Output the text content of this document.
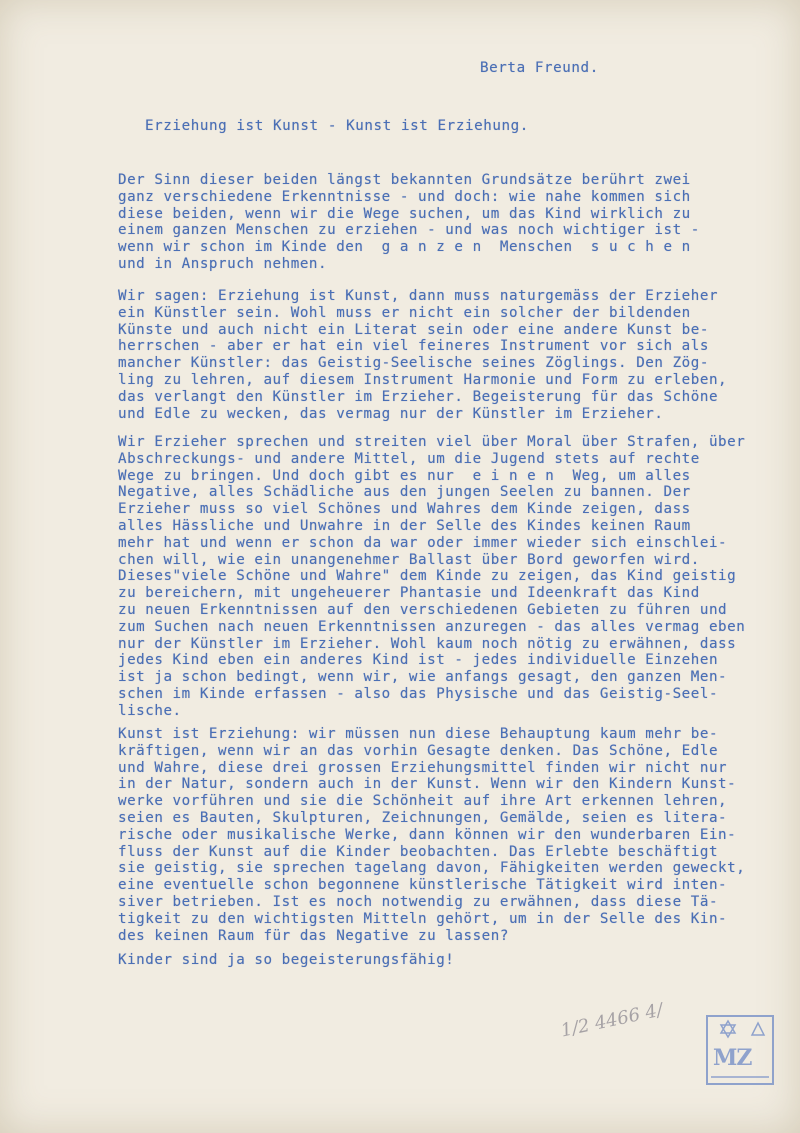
Berta Freund.
Erziehung ist Kunst - Kunst ist Erziehung.
Der Sinn dieser beiden längst bekannten Grundsätze berührt zwei
ganz verschiedene Erkenntnisse - und doch: wie nahe kommen sich
diese beiden, wenn wir die Wege suchen, um das Kind wirklich zu
einem ganzen Menschen zu erziehen - und was noch wichtiger ist -
wenn wir schon im Kinde den  g a n z e n  Menschen  s u c h e n
und in Anspruch nehmen.
Wir sagen: Erziehung ist Kunst, dann muss naturgemäss der Erzieher
ein Künstler sein. Wohl muss er nicht ein solcher der bildenden
Künste und auch nicht ein Literat sein oder eine andere Kunst be-
herrschen - aber er hat ein viel feineres Instrument vor sich als
mancher Künstler: das Geistig-Seelische seines Zöglings. Den Zög-
ling zu lehren, auf diesem Instrument Harmonie und Form zu erleben,
das verlangt den Künstler im Erzieher. Begeisterung für das Schöne
und Edle zu wecken, das vermag nur der Künstler im Erzieher.
Wir Erzieher sprechen und streiten viel über Moral über Strafen, über
Abschreckungs- und andere Mittel, um die Jugend stets auf rechte
Wege zu bringen. Und doch gibt es nur  e i n e n  Weg, um alles
Negative, alles Schädliche aus den jungen Seelen zu bannen. Der
Erzieher muss so viel Schönes und Wahres dem Kinde zeigen, dass
alles Hässliche und Unwahre in der Selle des Kindes keinen Raum
mehr hat und wenn er schon da war oder immer wieder sich einschlei-
chen will, wie ein unangenehmer Ballast über Bord geworfen wird.
Dieses"viele Schöne und Wahre" dem Kinde zu zeigen, das Kind geistig
zu bereichern, mit ungeheuerer Phantasie und Ideenkraft das Kind
zu neuen Erkenntnissen auf den verschiedenen Gebieten zu führen und
zum Suchen nach neuen Erkenntnissen anzuregen - das alles vermag eben
nur der Künstler im Erzieher. Wohl kaum noch nötig zu erwähnen, dass
jedes Kind eben ein anderes Kind ist - jedes individuelle Einzehen
ist ja schon bedingt, wenn wir, wie anfangs gesagt, den ganzen Men-
schen im Kinde erfassen - also das Physische und das Geistig-Seel-
lische.
Kunst ist Erziehung: wir müssen nun diese Behauptung kaum mehr be-
kräftigen, wenn wir an das vorhin Gesagte denken. Das Schöne, Edle
und Wahre, diese drei grossen Erziehungsmittel finden wir nicht nur
in der Natur, sondern auch in der Kunst. Wenn wir den Kindern Kunst-
werke vorführen und sie die Schönheit auf ihre Art erkennen lehren,
seien es Bauten, Skulpturen, Zeichnungen, Gemälde, seien es litera-
rische oder musikalische Werke, dann können wir den wunderbaren Ein-
fluss der Kunst auf die Kinder beobachten. Das Erlebte beschäftigt
sie geistig, sie sprechen tagelang davon, Fähigkeiten werden geweckt,
eine eventuelle schon begonnene künstlerische Tätigkeit wird inten-
siver betrieben. Ist es noch notwendig zu erwähnen, dass diese Tä-
tigkeit zu den wichtigsten Mitteln gehört, um in der Selle des Kin-
des keinen Raum für das Negative zu lassen?
Kinder sind ja so begeisterungsfähig!
1/2 4466 4/
MZ
